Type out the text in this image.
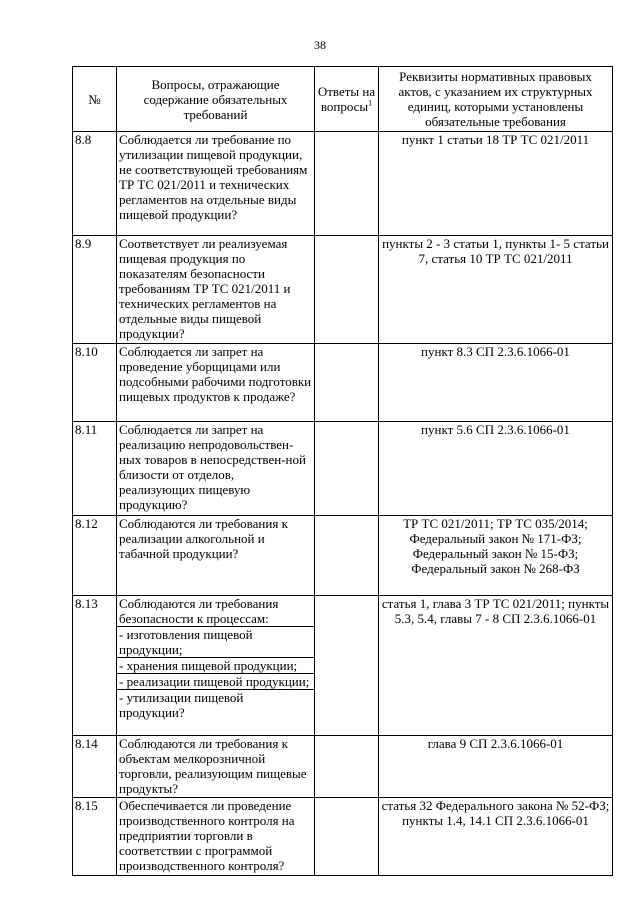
38
№	Вопросы, отражающие содержание обязательных требований	Ответы на вопросы$^1$	Реквизиты нормативных правовых актов, с указанием их структурных единиц, которыми установлены обязательные требования
8.8	Соблюдается ли требование по утилизации пищевой продукции, не соответствующей требованиям ТР ТС 021/2011 и технических регламентов на отдельные виды пищевой продукции?		пункт 1 статьи 18 ТР ТС 021/2011
8.9	Соответствует ли реализуемая пищевая продукция по показателям безопасности требованиям ТР ТС 021/2011 и технических регламентов на отдельные виды пищевой продукции?		пункты 2 - 3 статьи 1, пункты 1- 5 статьи 7, статья 10 ТР ТС 021/2011
8.10	Соблюдается ли запрет на проведение уборщицами или подсобными рабочими подготовки пищевых продуктов к продаже?		пункт 8.3 СП 2.3.6.1066-01
8.11	Соблюдается ли запрет на реализацию непродовольствен-ных товаров в непосредствен-ной близости от отделов, реализующих пищевую продукцию?		пункт 5.6 СП 2.3.6.1066-01
8.12	Соблюдаются ли требования к реализации алкогольной и табачной продукции?		ТР ТС 021/2011; ТР ТС 035/2014; Федеральный закон № 171-ФЗ; Федеральный закон № 15-ФЗ; Федеральный закон № 268-ФЗ
8.13	Соблюдаются ли требования безопасности к процессам:
- изготовления пищевой продукции;
- хранения пищевой продукции;
- реализации пищевой продукции;
- утилизации пищевой продукции?		статья 1, глава 3 ТР ТС 021/2011; пункты 5.3, 5.4, главы 7 - 8 СП 2.3.6.1066-01
8.14	Соблюдаются ли требования к объектам мелкорозничной торговли, реализующим пищевые продукты?		глава 9 СП 2.3.6.1066-01
8.15	Обеспечивается ли проведение производственного контроля на предприятии торговли в соответствии с программой производственного контроля?		статья 32 Федерального закона № 52-ФЗ; пункты 1.4, 14.1 СП 2.3.6.1066-01
